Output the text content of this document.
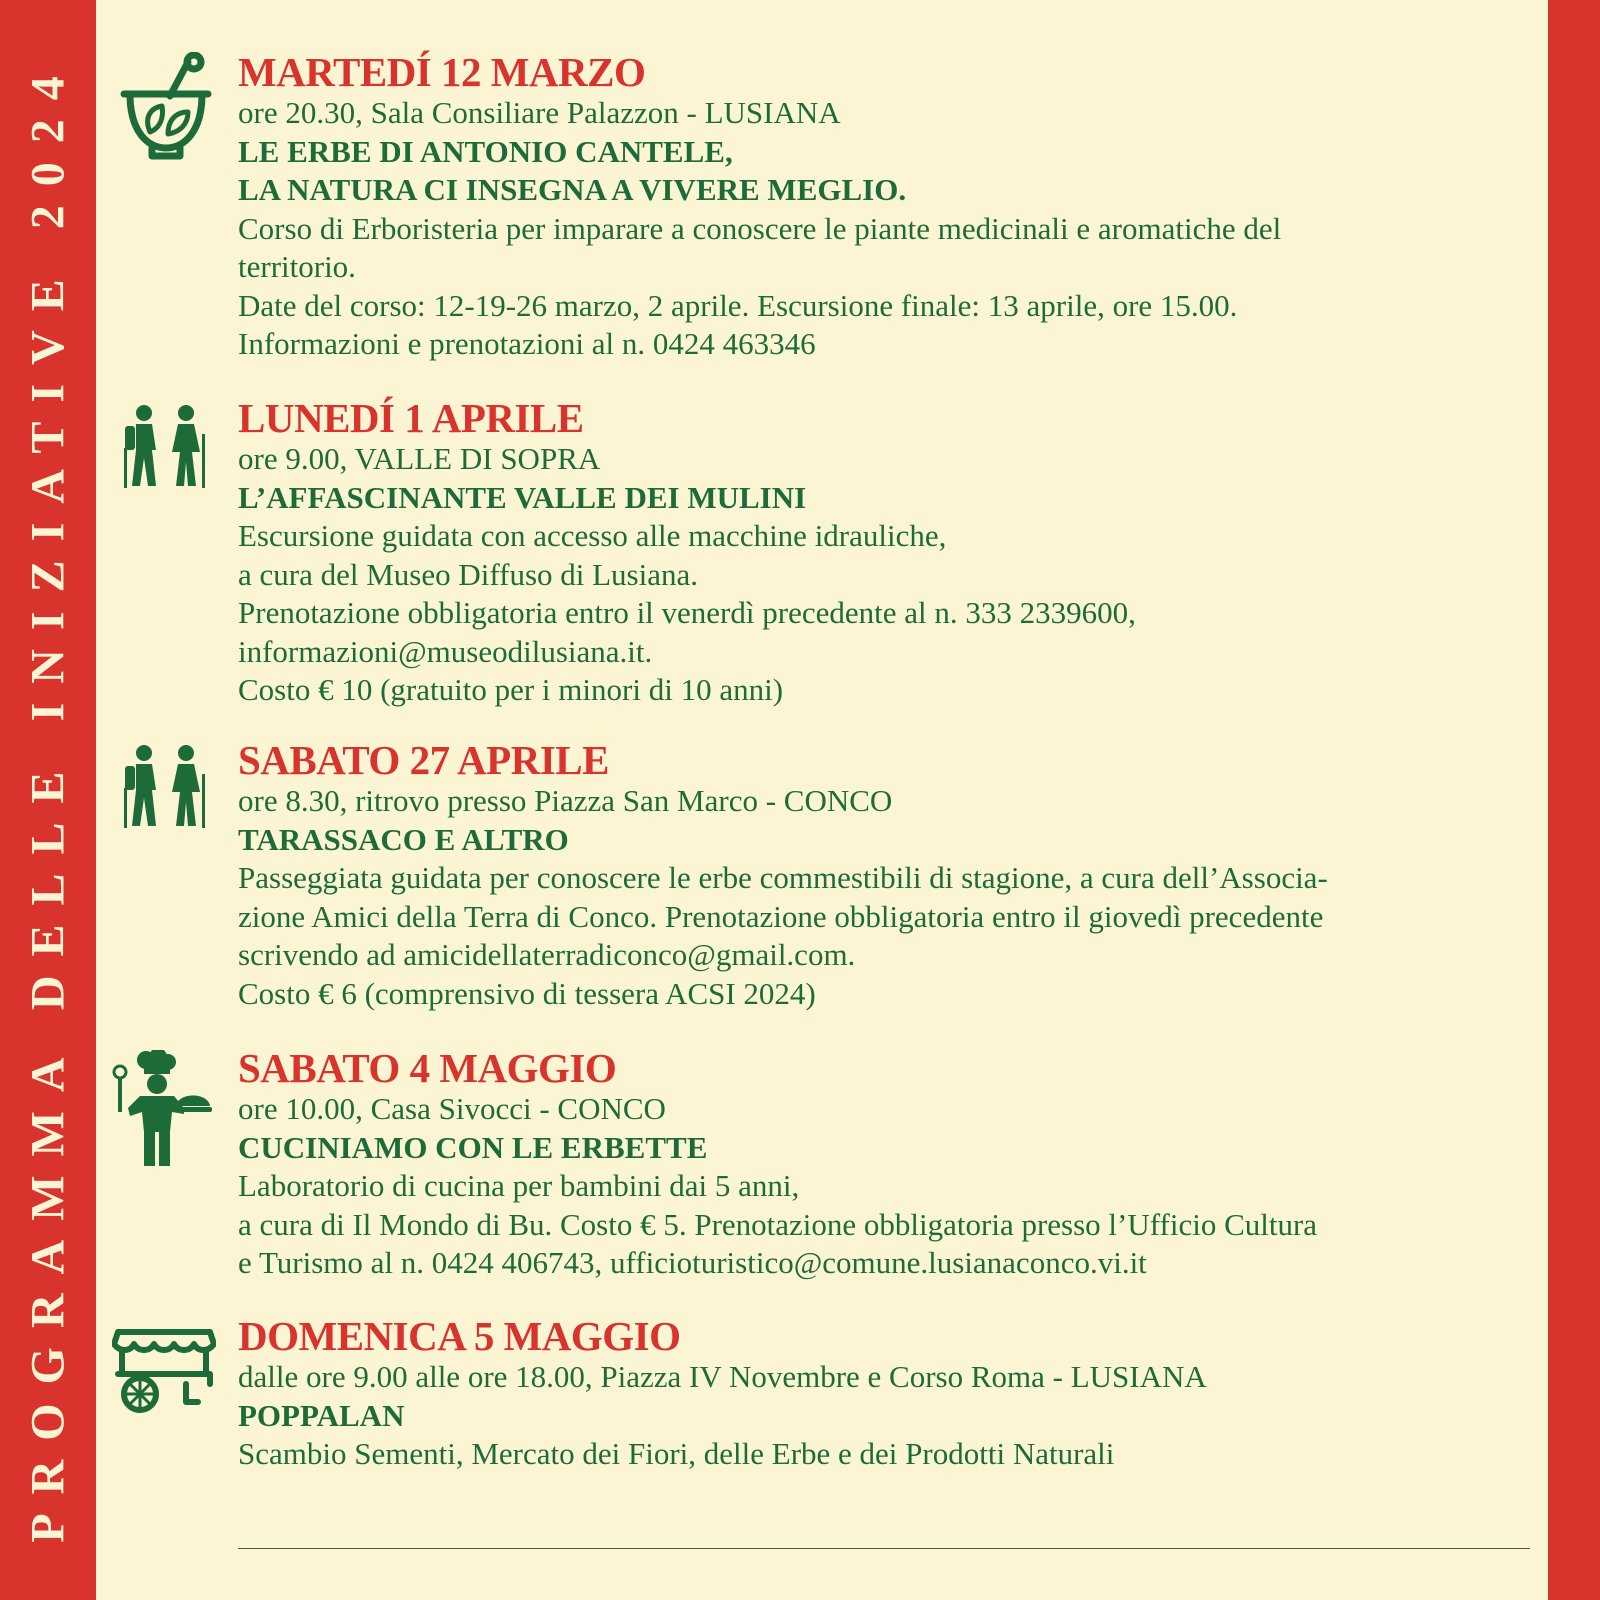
PROGRAMMA DELLE INIZIATIVE 2024	MARTEDÍ 12 MARZO
ore 20.30, Sala Consiliare Palazzon - LUSIANA
LE ERBE DI ANTONIO CANTELE,
LA NATURA CI INSEGNA A VIVERE MEGLIO.
Corso di Erboristeria per imparare a conoscere le piante medicinali e aromatiche del
territorio.
Date del corso: 12-19-26 marzo, 2 aprile. Escursione finale: 13 aprile, ore 15.00.
Informazioni e prenotazioni al n. 0424 463346
LUNEDÍ 1 APRILE
ore 9.00, VALLE DI SOPRA
L’AFFASCINANTE VALLE DEI MULINI
Escursione guidata con accesso alle macchine idrauliche,
a cura del Museo Diffuso di Lusiana.
Prenotazione obbligatoria entro il venerdì precedente al n. 333 2339600,
informazioni@museodilusiana.it.
Costo € 10 (gratuito per i minori di 10 anni)
SABATO 27 APRILE
ore 8.30, ritrovo presso Piazza San Marco - CONCO
TARASSACO E ALTRO
Passeggiata guidata per conoscere le erbe commestibili di stagione, a cura dell’Associa-
zione Amici della Terra di Conco. Prenotazione obbligatoria entro il giovedì precedente
scrivendo ad amicidellaterradiconco@gmail.com.
Costo € 6 (comprensivo di tessera ACSI 2024)
SABATO 4 MAGGIO
ore 10.00, Casa Sivocci - CONCO
CUCINIAMO CON LE ERBETTE
Laboratorio di cucina per bambini dai 5 anni,
a cura di Il Mondo di Bu. Costo € 5. Prenotazione obbligatoria presso l’Ufficio Cultura
e Turismo al n. 0424 406743, ufficioturistico@comune.lusianaconco.vi.it
DOMENICA 5 MAGGIO
dalle ore 9.00 alle ore 18.00, Piazza IV Novembre e Corso Roma - LUSIANA
POPPALAN
Scambio Sementi, Mercato dei Fiori, delle Erbe e dei Prodotti Naturali
